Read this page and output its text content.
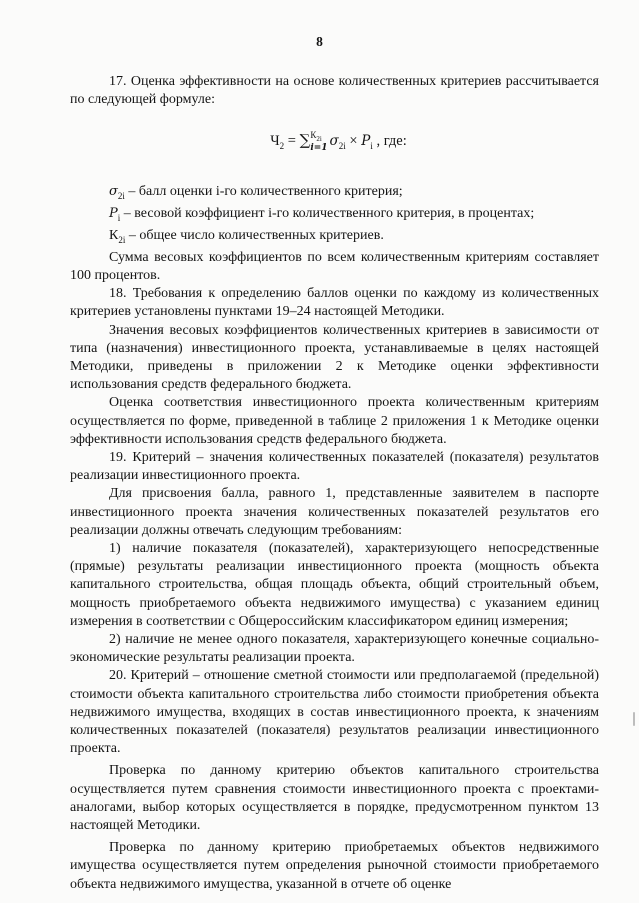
8

17. Оценка эффективности на основе количественных критериев рассчитывается по следующей формуле:

$Ч_2$ = ∑ $К_{2i}$
i=1 $\sigma_{2i} \times P_i$ , где:

$\sigma_{2i}$ – балл оценки i-го количественного критерия;

$P_i$ – весовой коэффициент i-го количественного критерия, в процентах;

$К_{2i}$ – общее число количественных критериев.

Сумма весовых коэффициентов по всем количественным критериям составляет 100 процентов.

18. Требования к определению баллов оценки по каждому из количественных критериев установлены пунктами 19–24 настоящей Методики.

Значения весовых коэффициентов количественных критериев в зависимости от типа (назначения) инвестиционного проекта, устанавливаемые в целях настоящей Методики, приведены в приложении 2 к Методике оценки эффективности использования средств федерального бюджета.

Оценка соответствия инвестиционного проекта количественным критериям осуществляется по форме, приведенной в таблице 2 приложения 1 к Методике оценки эффективности использования средств федерального бюджета.

19. Критерий – значения количественных показателей (показателя) результатов реализации инвестиционного проекта.

Для присвоения балла, равного 1, представленные заявителем в паспорте инвестиционного проекта значения количественных показателей результатов его реализации должны отвечать следующим требованиям:

1) наличие показателя (показателей), характеризующего непосредственные (прямые) результаты реализации инвестиционного проекта (мощность объекта капитального строительства, общая площадь объекта, общий строительный объем, мощность приобретаемого объекта недвижимого имущества) с указанием единиц измерения в соответствии с Общероссийским классификатором единиц измерения;

2) наличие не менее одного показателя, характеризующего конечные социально-экономические результаты реализации проекта.

20. Критерий – отношение сметной стоимости или предполагаемой (предельной) стоимости объекта капитального строительства либо стоимости приобретения объекта недвижимого имущества, входящих в состав инвестиционного проекта, к значениям количественных показателей (показателя) результатов реализации инвестиционного проекта.

Проверка по данному критерию объектов капитального строительства осуществляется путем сравнения стоимости инвестиционного проекта с проектами-аналогами, выбор которых осуществляется в порядке, предусмотренном пунктом 13 настоящей Методики.

Проверка по данному критерию приобретаемых объектов недвижимого имущества осуществляется путем определения рыночной стоимости приобретаемого объекта недвижимого имущества, указанной в отчете об оценке
